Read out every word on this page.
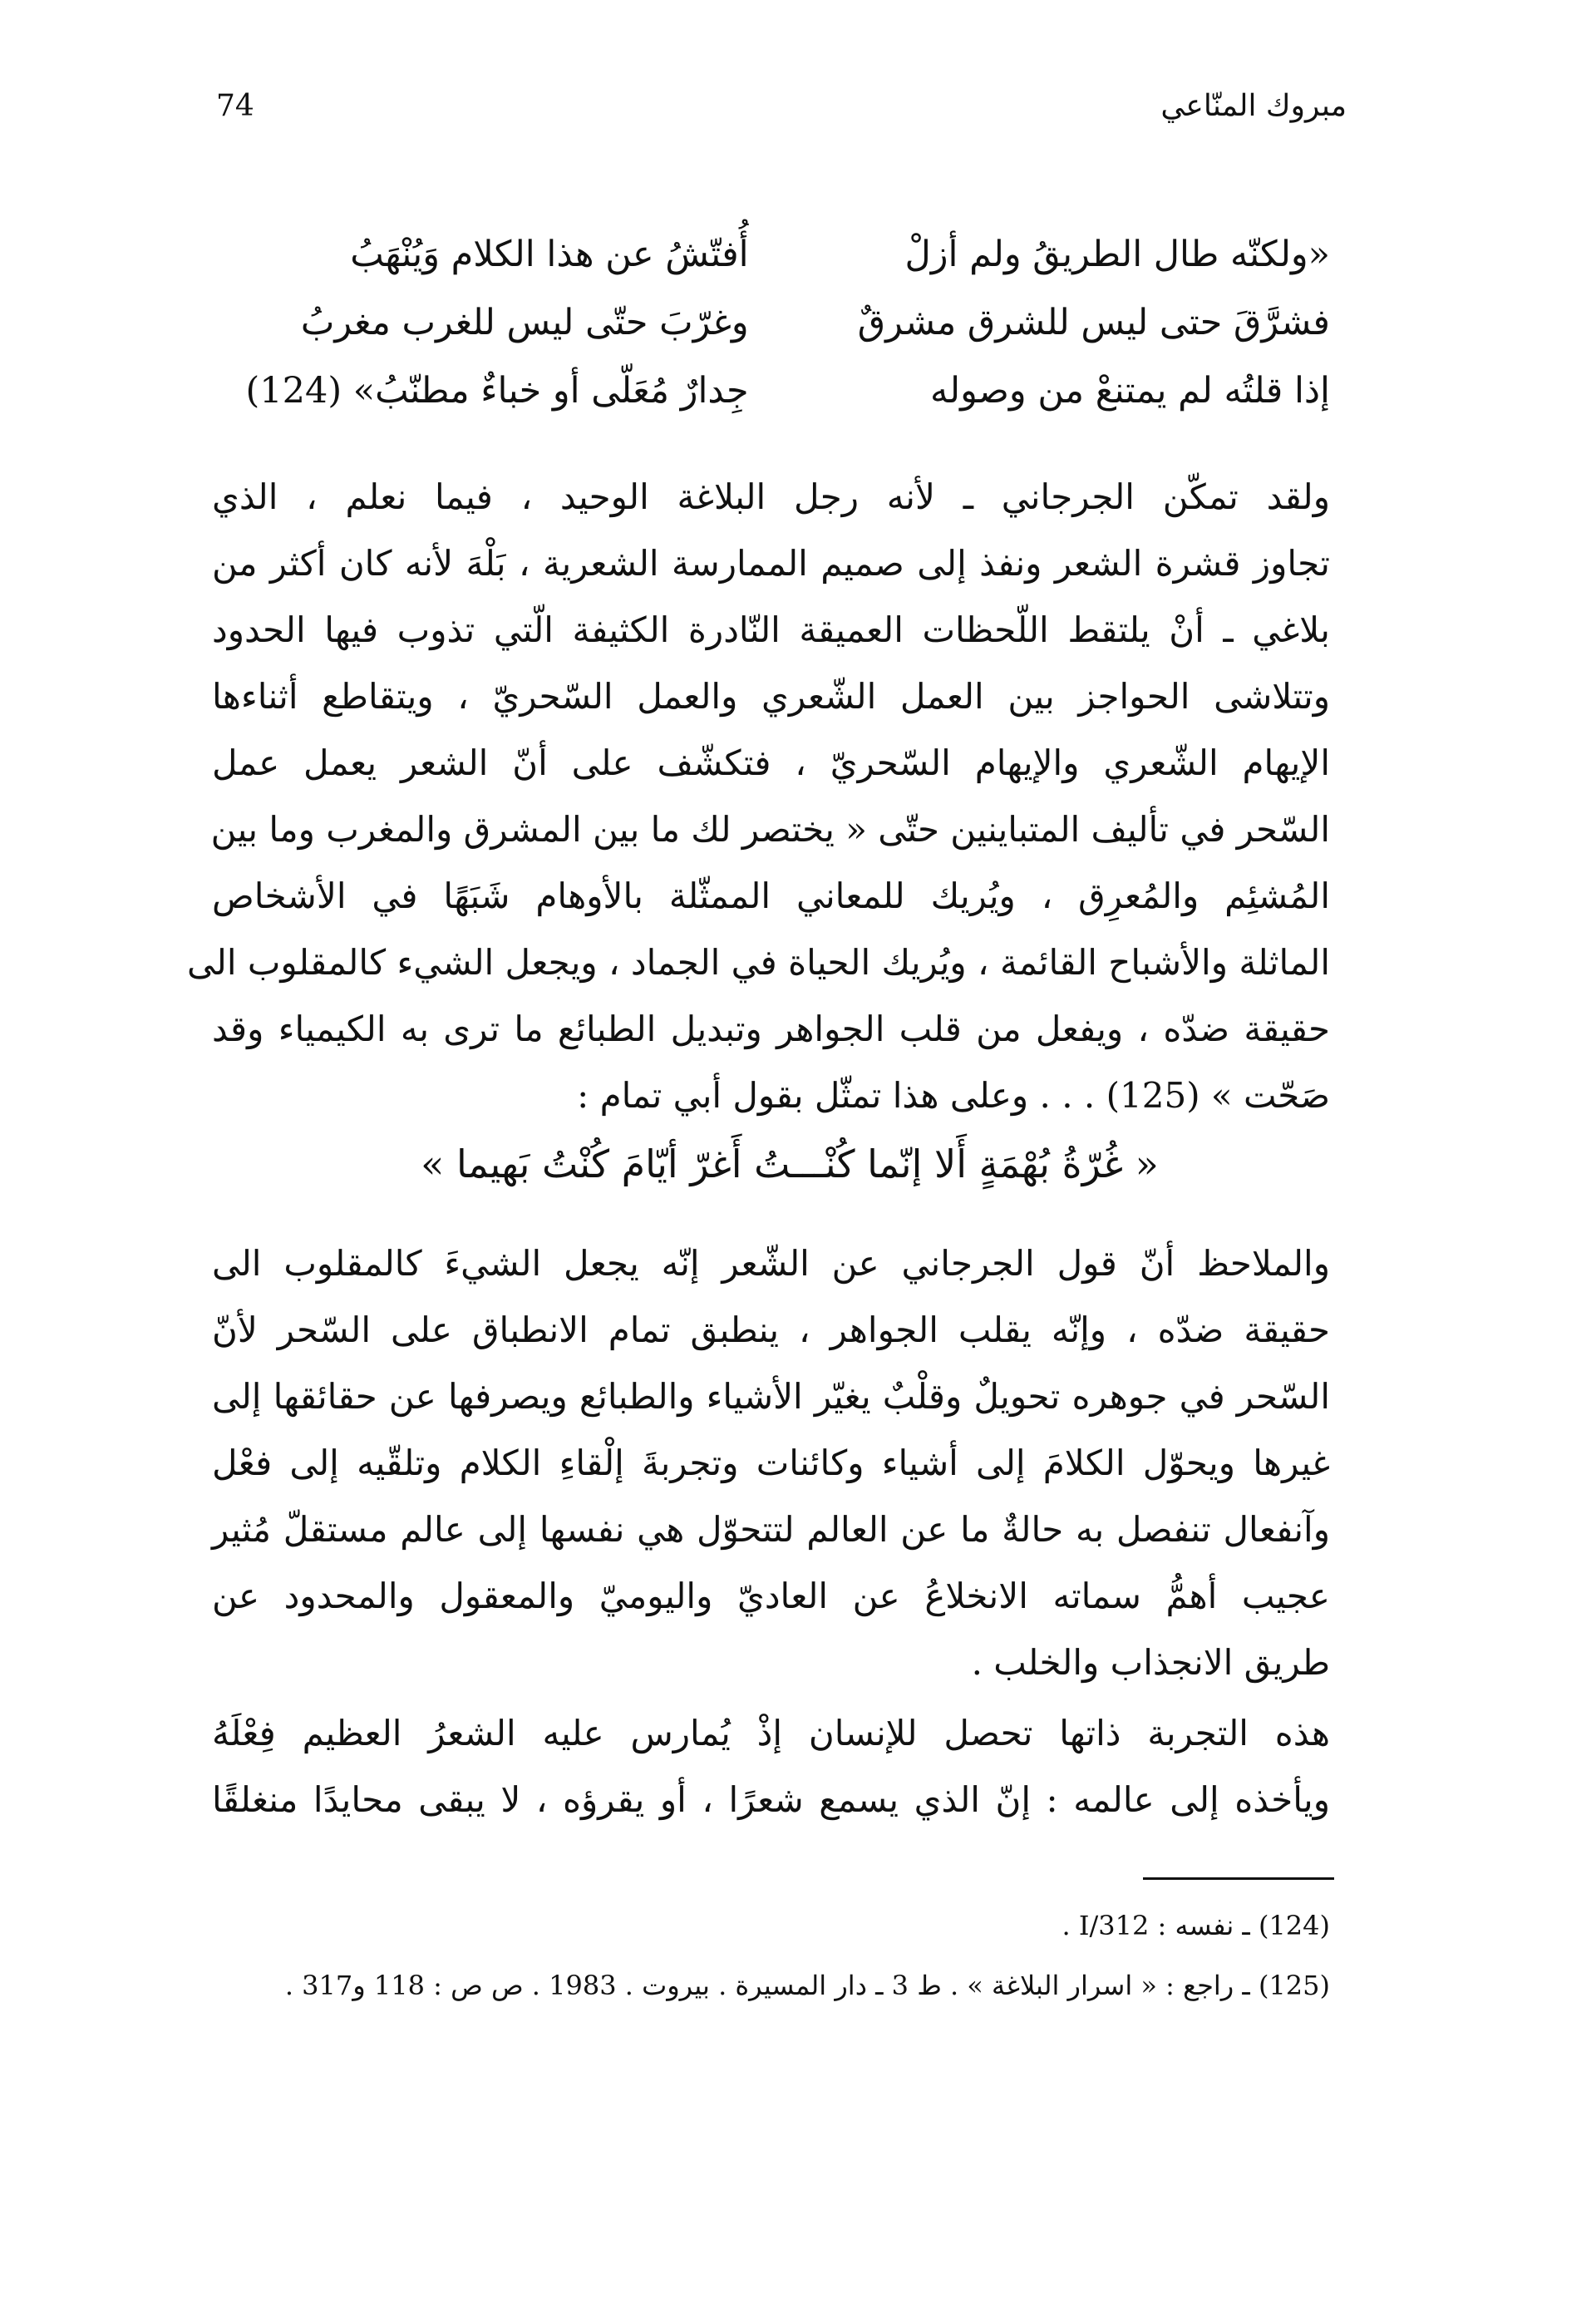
74	مبروك المنّاعي
«ولكنّه طال الطريقُ ولم أزلْ
أُفتّشُ عن هذا الكلام وَيُنْهَبُ
فشرَّقَ حتى ليس للشرق مشرقٌ
وغرّبَ حتّى ليس للغرب مغربُ
إذا قلتُه لم يمتنعْ من وصوله
جِدارٌ مُعَلّى أو خباءٌ مطنّبُ» (124)
ولقد تمكّن الجرجاني ـ لأنه رجل البلاغة الوحيد ، فيما نعلم ، الذي
تجاوز قشرة الشعر ونفذ إلى صميم الممارسة الشعرية ، بَلْهَ لأنه كان أكثر من
بلاغي ـ أنْ يلتقط اللّحظات العميقة النّادرة الكثيفة الّتي تذوب فيها الحدود
وتتلاشى الحواجز بين العمل الشّعري والعمل السّحريّ ، ويتقاطع أثناءها
الإيهام الشّعري والإيهام السّحريّ ، فتكشّف على أنّ الشعر يعمل عمل
السّحر في تأليف المتباينين حتّى « يختصر لك ما بين المشرق والمغرب وما بين
المُشئِم والمُعرِق ، ويُريك للمعاني الممثّلة بالأوهام شَبَهًا في الأشخاص
الماثلة والأشباح القائمة ، ويُريك الحياة في الجماد ، ويجعل الشيء كالمقلوب الى
حقيقة ضدّه ، ويفعل من قلب الجواهر وتبديل الطبائع ما ترى به الكيمياء وقد
صَحّت » (125) . . . وعلى هذا تمثّل بقول أبي تمام :
« غُرّةُ بُهْمَةٍ أَلا إنّما كُنْـــتُ أَغرّ أيّامَ كُنْتُ بَهيما »
والملاحظ أنّ قول الجرجاني عن الشّعر إنّه يجعل الشيءَ كالمقلوب الى
حقيقة ضدّه ، وإنّه يقلب الجواهر ، ينطبق تمام الانطباق على السّحر لأنّ
السّحر في جوهره تحويلٌ وقلْبٌ يغيّر الأشياء والطبائع ويصرفها عن حقائقها إلى
غيرها ويحوّل الكلامَ إلى أشياء وكائنات وتجربةَ إلْقاءِ الكلام وتلقّيه إلى فعْل
وآنفعال تنفصل به حالةٌ ما عن العالم لتتحوّل هي نفسها إلى عالم مستقلّ مُثير
عجيب أهمُّ سماته الانخلاعُ عن العاديّ واليوميّ والمعقول والمحدود عن
طريق الانجذاب والخلب .
هذه التجربة ذاتها تحصل للإنسان إذْ يُمارس عليه الشعرُ العظيم فِعْلَهُ
ويأخذه إلى عالمه : إنّ الذي يسمع شعرًا ، أو يقرؤه ، لا يبقى محايدًا منغلقًا
(124) ـ نفسه : 312/I .
(125) ـ راجع : « اسرار البلاغة » . ط 3 ـ دار المسيرة . بيروت . 1983 . ص ص : 118 و317 .
